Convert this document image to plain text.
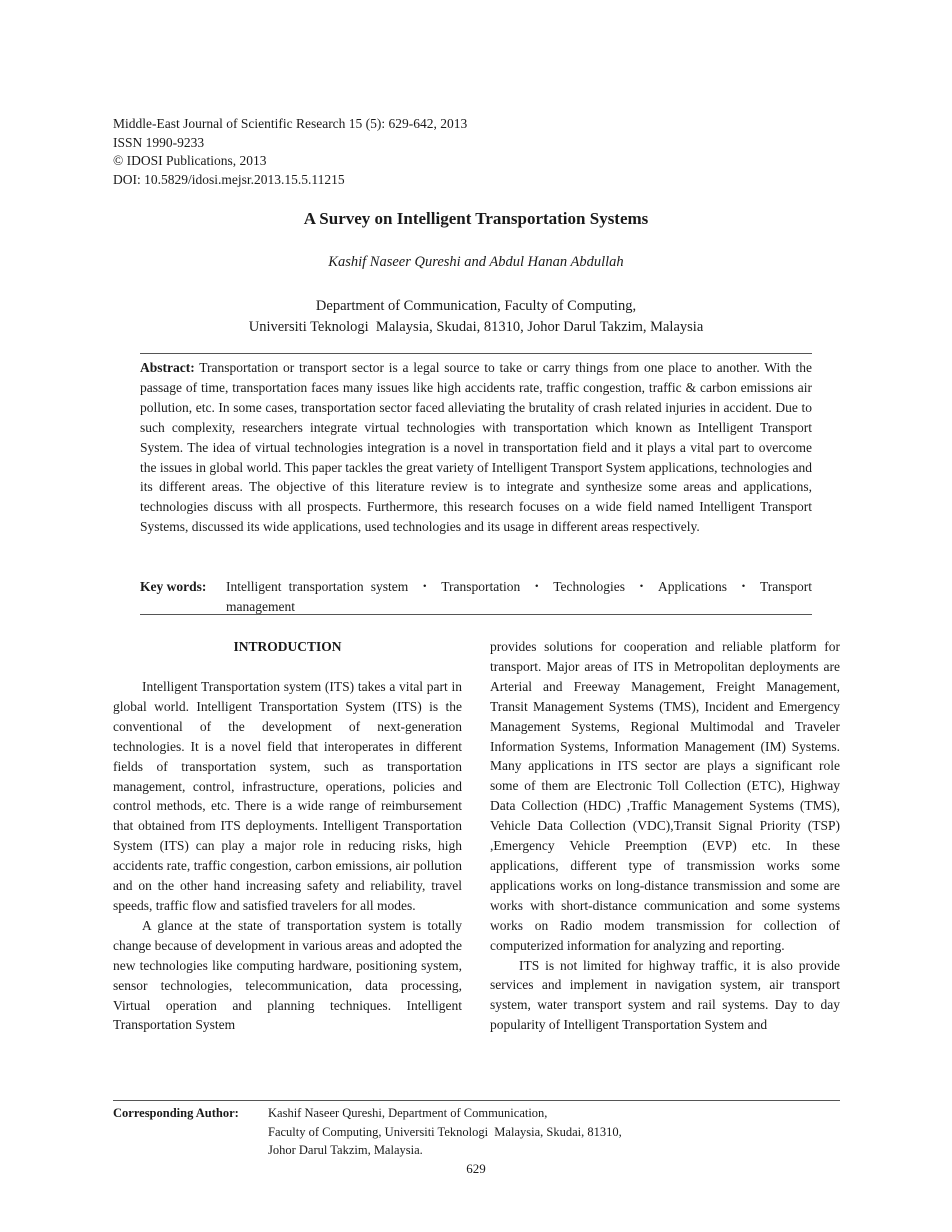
Middle-East Journal of Scientific Research 15 (5): 629-642, 2013
ISSN 1990-9233
© IDOSI Publications, 2013
DOI: 10.5829/idosi.mejsr.2013.15.5.11215
A Survey on Intelligent Transportation Systems
Kashif Naseer Qureshi and Abdul Hanan Abdullah
Department of Communication, Faculty of Computing,
Universiti Teknologi  Malaysia, Skudai, 81310, Johor Darul Takzim, Malaysia
Abstract: Transportation or transport sector is a legal source to take or carry things from one place to another. With the passage of time, transportation faces many issues like high accidents rate, traffic congestion, traffic & carbon emissions air pollution, etc. In some cases, transportation sector faced alleviating the brutality of crash related injuries in accident. Due to such complexity, researchers integrate virtual technologies with transportation which known as Intelligent Transport System. The idea of virtual technologies integration is a novel in transportation field and it plays a vital part to overcome the issues in global world. This paper tackles the great variety of Intelligent Transport System applications, technologies and its different areas. The objective of this literature review is to integrate and synthesize some areas and applications, technologies discuss with all prospects. Furthermore, this research focuses on a wide field named Intelligent Transport Systems, discussed its wide applications, used technologies and its usage in different areas respectively.
Key words: Intelligent transportation system ・ Transportation ・ Technologies ・ Applications ・ Transport management
INTRODUCTION

Intelligent Transportation system (ITS) takes a vital part in global world. Intelligent Transportation System (ITS) is the conventional of the development of next-generation technologies. It is a novel field that interoperates in different fields of transportation system, such as transportation management, control, infrastructure, operations, policies and control methods, etc. There is a wide range of reimbursement that obtained from ITS deployments. Intelligent Transportation System (ITS) can play a major role in reducing risks, high accidents rate, traffic congestion, carbon emissions, air pollution and on the other hand increasing safety and reliability, travel speeds, traffic flow and satisfied travelers for all modes.

A glance at the state of transportation system is totally change because of development in various areas and adopted the new technologies like computing hardware, positioning system, sensor technologies, telecommunication, data processing, Virtual operation and planning techniques. Intelligent Transportation System

provides solutions for cooperation and reliable platform for transport. Major areas of ITS in Metropolitan deployments are Arterial and Freeway Management, Freight Management, Transit Management Systems (TMS), Incident and Emergency Management Systems, Regional Multimodal and Traveler Information Systems, Information Management (IM) Systems. Many applications in ITS sector are plays a significant role some of them are Electronic Toll Collection (ETC), Highway Data Collection (HDC) ,Traffic Management Systems (TMS), Vehicle Data Collection (VDC),Transit Signal Priority (TSP) ,Emergency Vehicle Preemption (EVP) etc. In these applications, different type of transmission works some applications works on long-distance transmission and some are works with short-distance communication and some systems works on Radio modem transmission for collection of computerized information for analyzing and reporting.

ITS is not limited for highway traffic, it is also provide services and implement in navigation system, air transport system, water transport system and rail systems. Day to day popularity of Intelligent Transportation System and

Corresponding Author: Kashif Naseer Qureshi, Department of Communication,
Faculty of Computing, Universiti Teknologi  Malaysia, Skudai, 81310,
Johor Darul Takzim, Malaysia.
629
